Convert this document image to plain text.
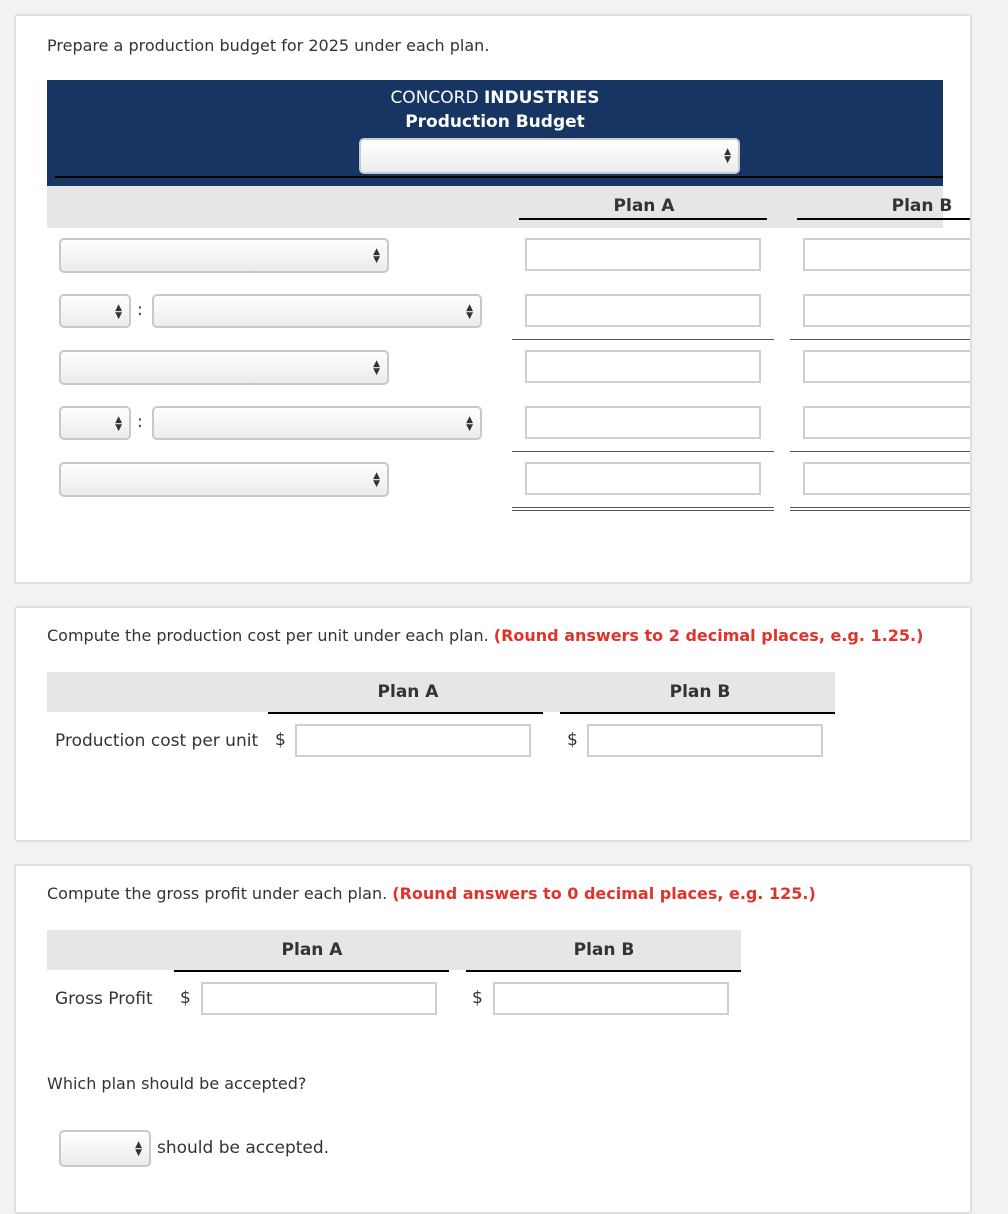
Prepare a production budget for 2025 under each plan.
CONCORD INDUSTRIES
Production Budget
▲
▼
Plan A	Plan B
▲
▼
▲
▼ :	▲
▼
▲
▼
▲
▼ :	▲
▼
▲
▼
Compute the production cost per unit under each plan. (Round answers to 2 decimal places, e.g. 1.25.)
Plan A	Plan B
Production cost per unit $	$
Compute the gross profit under each plan. (Round answers to 0 decimal places, e.g. 125.)
Plan A	Plan B
Gross Profit $	$
Which plan should be accepted?
▲
▼ should be accepted.
